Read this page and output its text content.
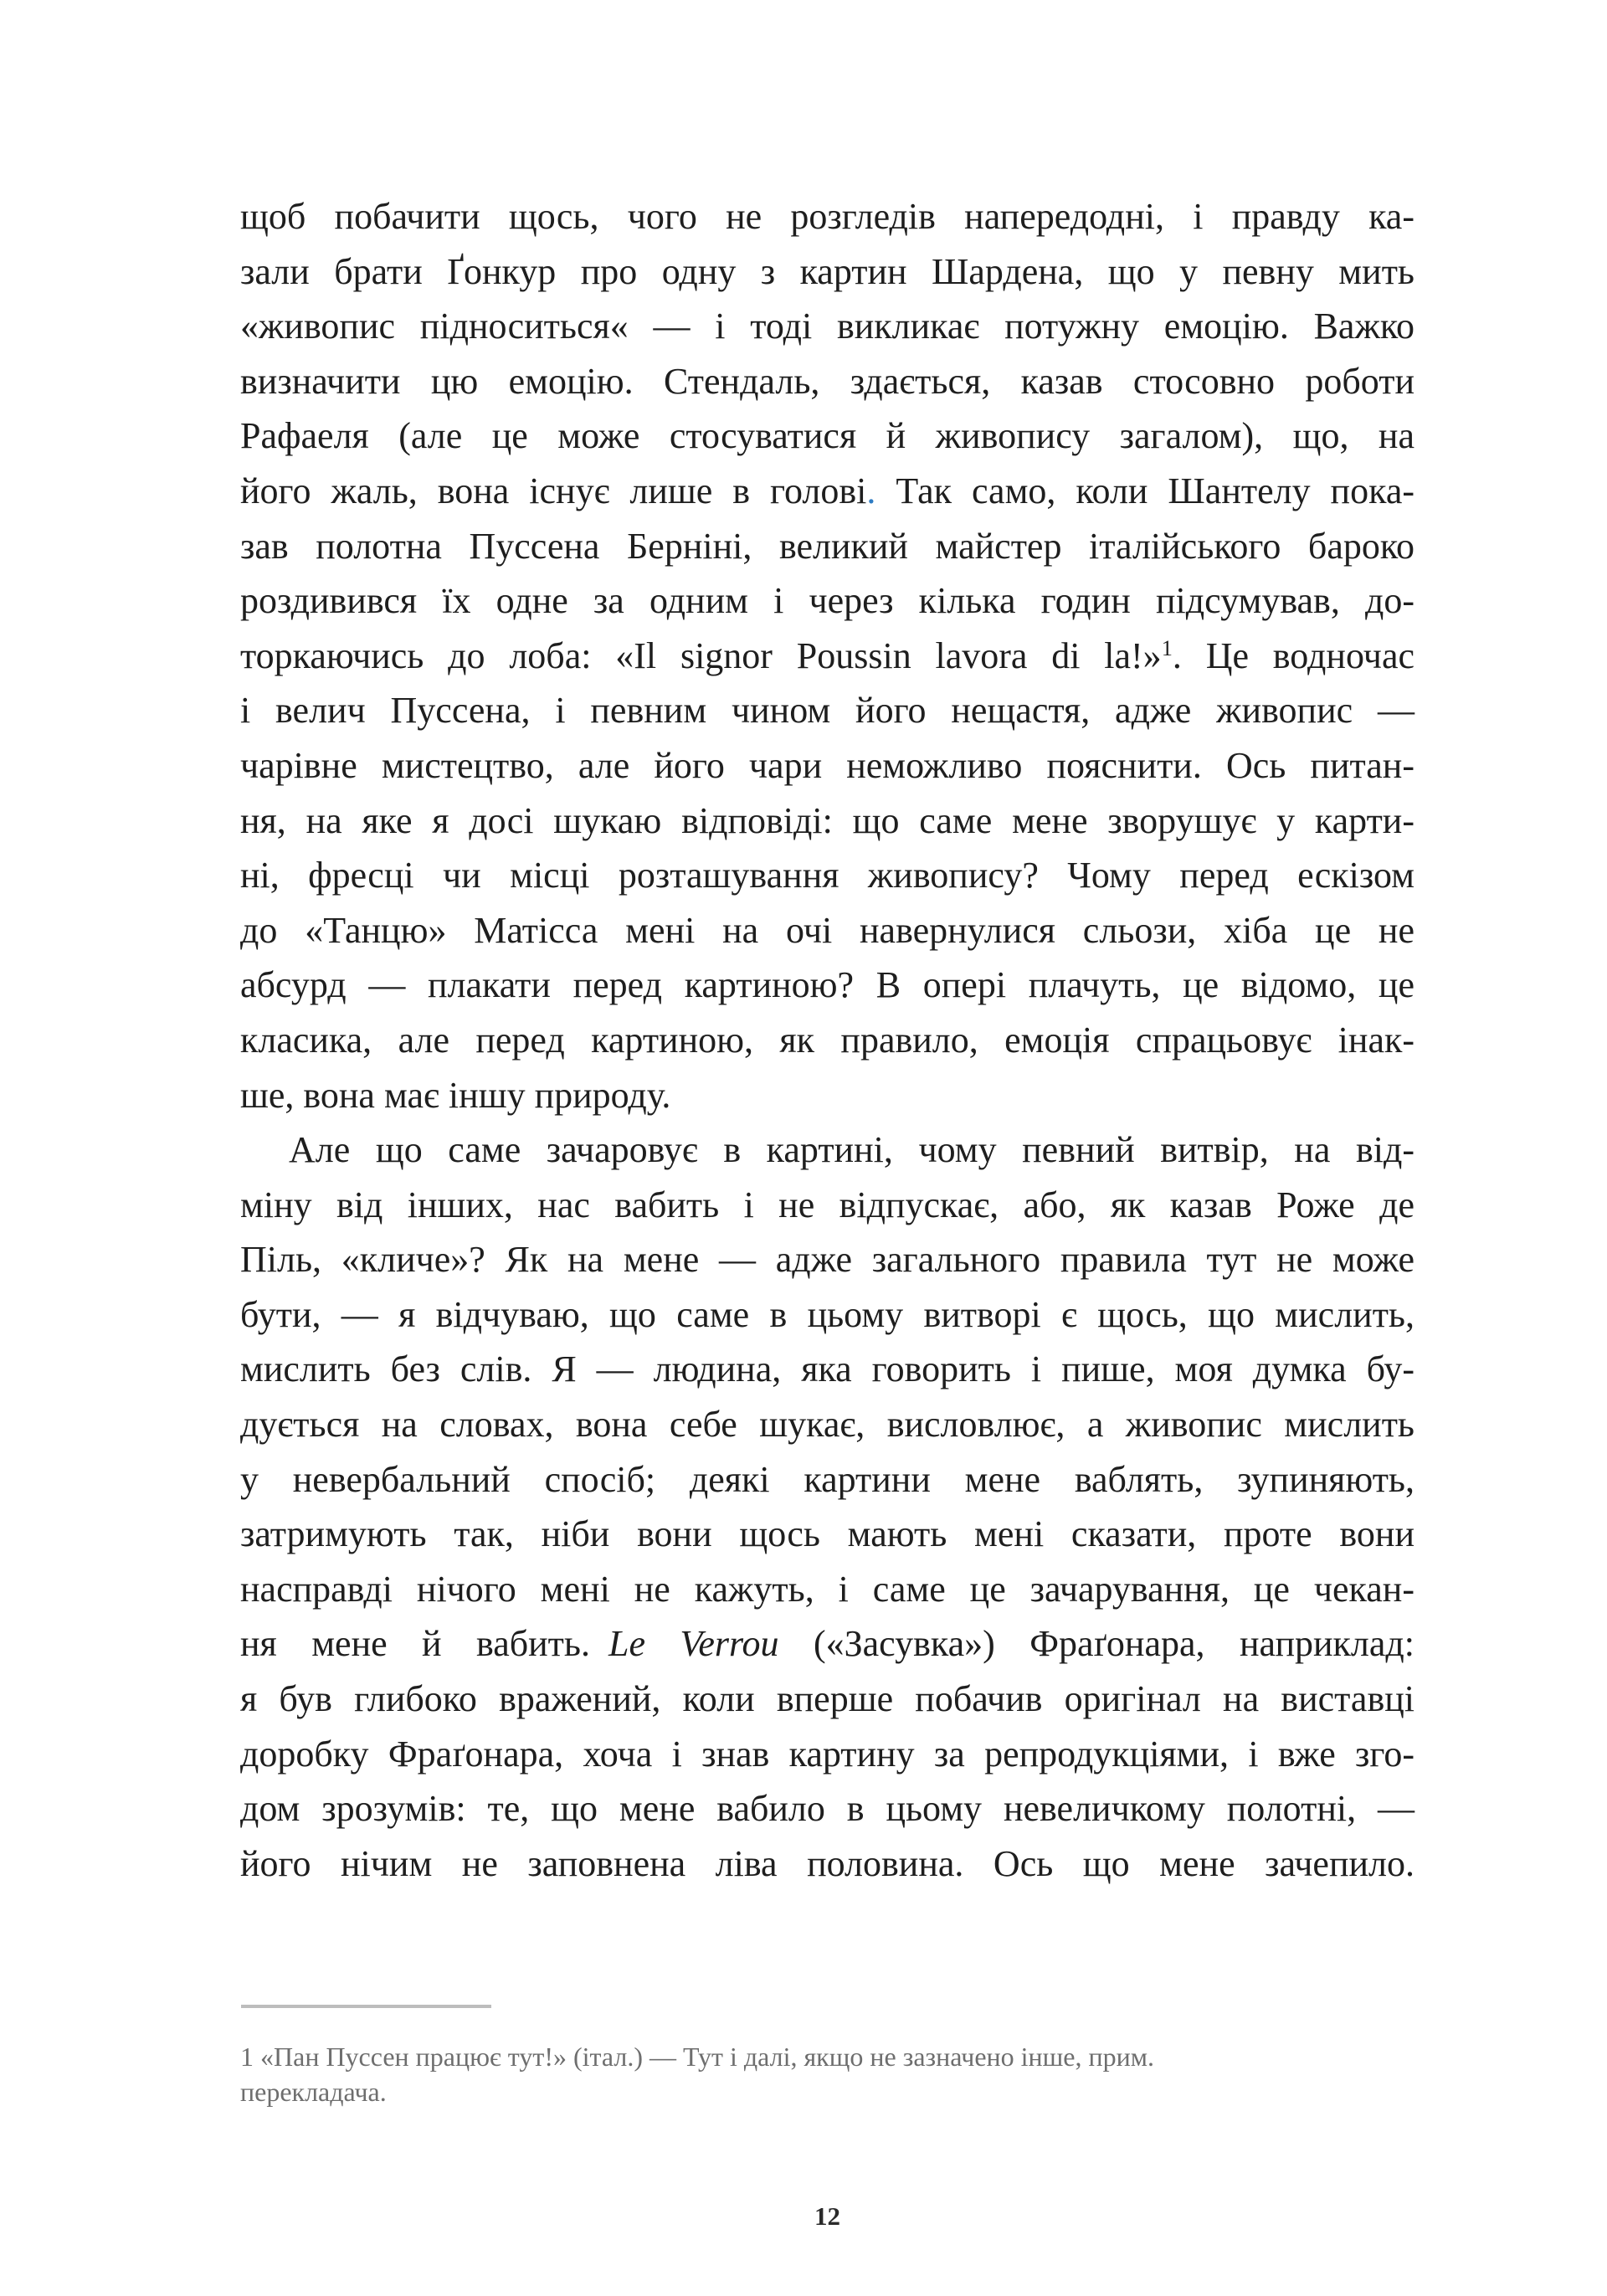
щоб побачити щось, чого не розгледів напередодні, і правду ка-
зали брати Ґонкур про одну з картин Шардена, що у певну мить
«живопис підноситься« — і тоді викликає потужну емоцію. Важко
визначити цю емоцію. Стендаль, здається, казав стосовно роботи
Рафаеля (але це може стосуватися й живопису загалом), що, на
його жаль, вона існує лише в голові. Так само, коли Шантелу пока-
зав полотна Пуссена Берніні, великий майстер італійського бароко
роздивився їх одне за одним і через кілька годин підсумував, до-
торкаючись до лоба: «Il signor Poussin lavora di la!»1. Це водночас
і велич Пуссена, і певним чином його нещастя, адже живопис —
чарівне мистецтво, але його чари неможливо пояснити. Ось питан-
ня, на яке я досі шукаю відповіді: що саме мене зворушує у карти-
ні, фресці чи місці розташування живопису? Чому перед ескізом
до «Танцю» Матісса мені на очі навернулися сльози, хіба це не
абсурд — плакати перед картиною? В опері плачуть, це відомо, це
класика, але перед картиною, як правило, емоція спрацьовує інак-
ше, вона має іншу природу.
Але що саме зачаровує в картині, чому певний витвір, на від-
міну від інших, нас вабить і не відпускає, або, як казав Роже де
Піль, «кличе»? Як на мене — адже загального правила тут не може
бути, — я відчуваю, що саме в цьому витворі є щось, що мислить,
мислить без слів. Я — людина, яка говорить і пише, моя думка бу-
дується на словах, вона себе шукає, висловлює, а живопис мислить
у невербальний спосіб; деякі картини мене ваблять, зупиняють,
затримують так, ніби вони щось мають мені сказати, проте вони
насправді нічого мені не кажуть, і саме це зачарування, це чекан-
ня мене й вабить. Le Verrou («Засувка») Фраґонара, наприклад:
я був глибоко вражений, коли вперше побачив оригінал на виставці
доробку Фраґонара, хоча і знав картину за репродукціями, і вже зго-
дом зрозумів: те, що мене вабило в цьому невеличкому полотні, —
його нічим не заповнена ліва половина. Ось що мене зачепило.
1 «Пан Пуссен працює тут!» (італ.) — Тут і далі, якщо не зазначено інше, прим.
перекладача.
12
